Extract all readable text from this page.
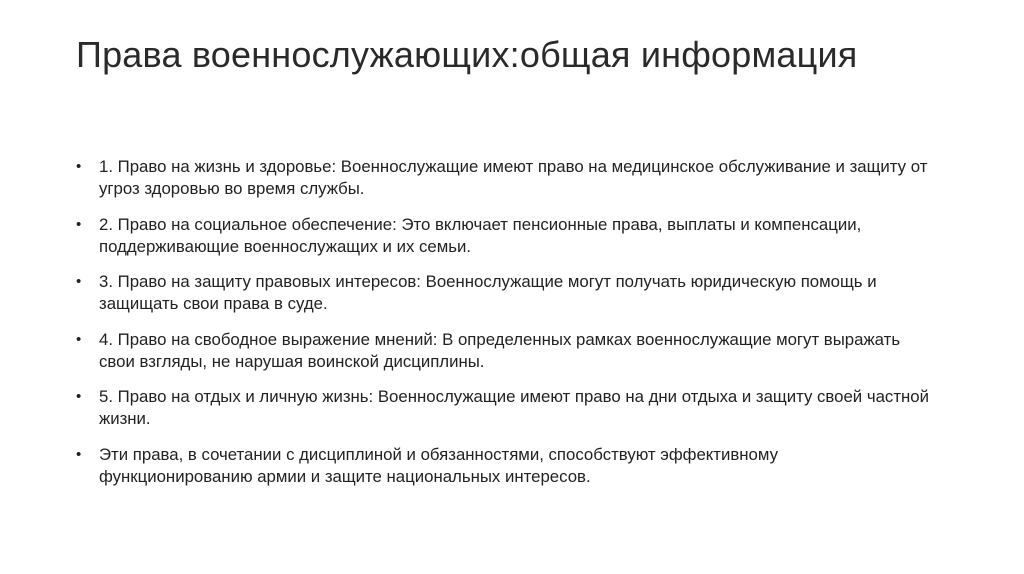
Права военнослужающих:общая информация
• 1. Право на жизнь и здоровье: Военнослужащие имеют право на медицинское обслуживание и защиту от угроз здоровью во время службы.
• 2. Право на социальное обеспечение: Это включает пенсионные права, выплаты и компенсации, поддерживающие военнослужащих и их семьи.
• 3. Право на защиту правовых интересов: Военнослужащие могут получать юридическую помощь и защищать свои права в суде.
• 4. Право на свободное выражение мнений: В определенных рамках военнослужащие могут выражать свои взгляды, не нарушая воинской дисциплины.
• 5. Право на отдых и личную жизнь: Военнослужащие имеют право на дни отдыха и защиту своей частной жизни.
• Эти права, в сочетании с дисциплиной и обязанностями, способствуют эффективному функционированию армии и защите национальных интересов.
